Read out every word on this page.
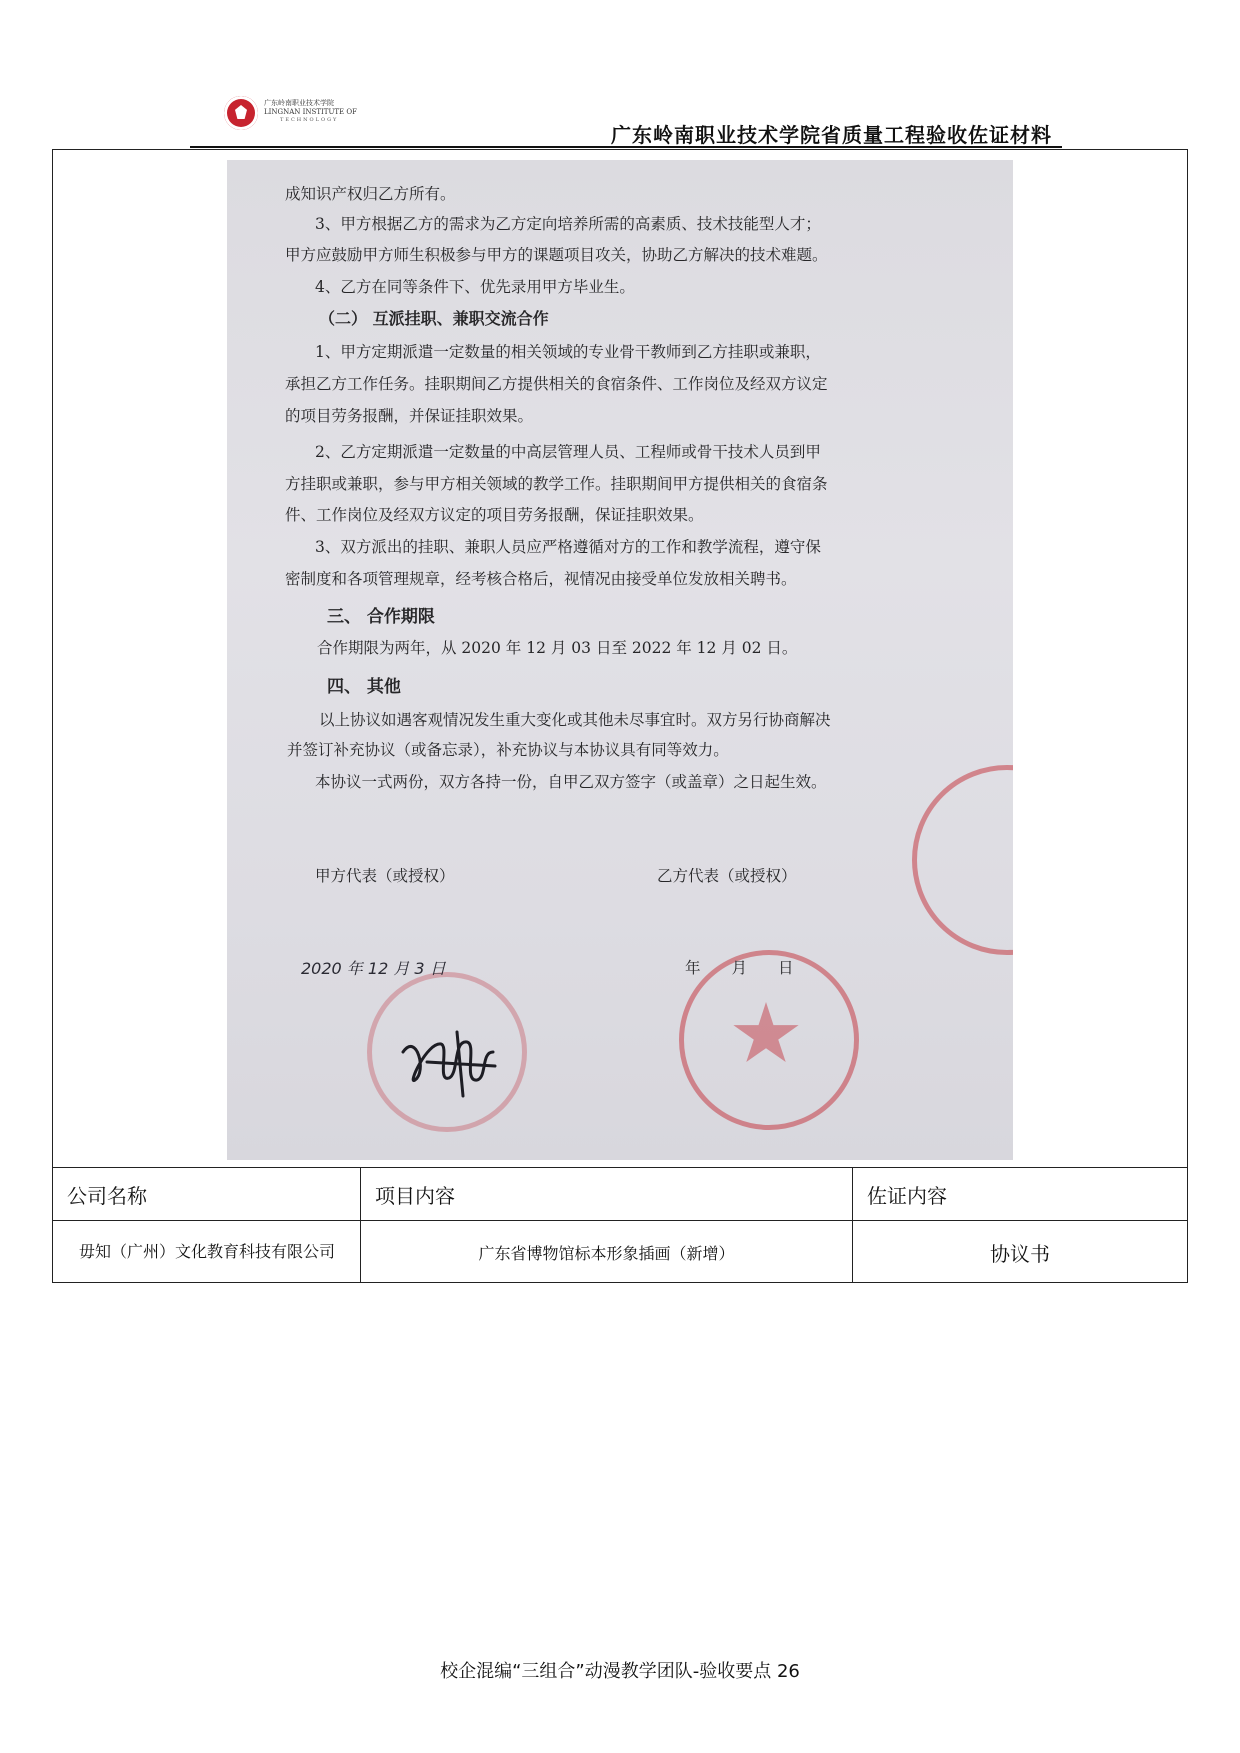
广东岭南职业技术学院
LINGNAN INSTITUTE OF
TECHNOLOGY
广东岭南职业技术学院省质量工程验收佐证材料
成知识产权归乙方所有。
3、甲方根据乙方的需求为乙方定向培养所需的高素质、技术技能型人才；
甲方应鼓励甲方师生积极参与甲方的课题项目攻关，协助乙方解决的技术难题。
4、乙方在同等条件下、优先录用甲方毕业生。
（二） 互派挂职、兼职交流合作
1、甲方定期派遣一定数量的相关领域的专业骨干教师到乙方挂职或兼职，
承担乙方工作任务。挂职期间乙方提供相关的食宿条件、工作岗位及经双方议定
的项目劳务报酬，并保证挂职效果。
2、乙方定期派遣一定数量的中高层管理人员、工程师或骨干技术人员到甲
方挂职或兼职，参与甲方相关领域的教学工作。挂职期间甲方提供相关的食宿条
件、工作岗位及经双方议定的项目劳务报酬，保证挂职效果。
3、双方派出的挂职、兼职人员应严格遵循对方的工作和教学流程，遵守保
密制度和各项管理规章，经考核合格后，视情况由接受单位发放相关聘书。
三、 合作期限
合作期限为两年，从 2020 年 12 月 03 日至 2022 年 12 月 02 日。
四、 其他
以上协议如遇客观情况发生重大变化或其他未尽事宜时。双方另行协商解决
并签订补充协议（或备忘录），补充协议与本协议具有同等效力。
本协议一式两份，双方各持一份，自甲乙双方签字（或盖章）之日起生效。
甲方代表（或授权）	乙方代表（或授权）
2020 年 12 月 3 日	年　　月　　日
公司名称	项目内容	佐证内容
毋知（广州）文化教育科技有限公司	广东省博物馆标本形象插画（新增）	协议书
校企混编“三组合”动漫教学团队-验收要点 26
